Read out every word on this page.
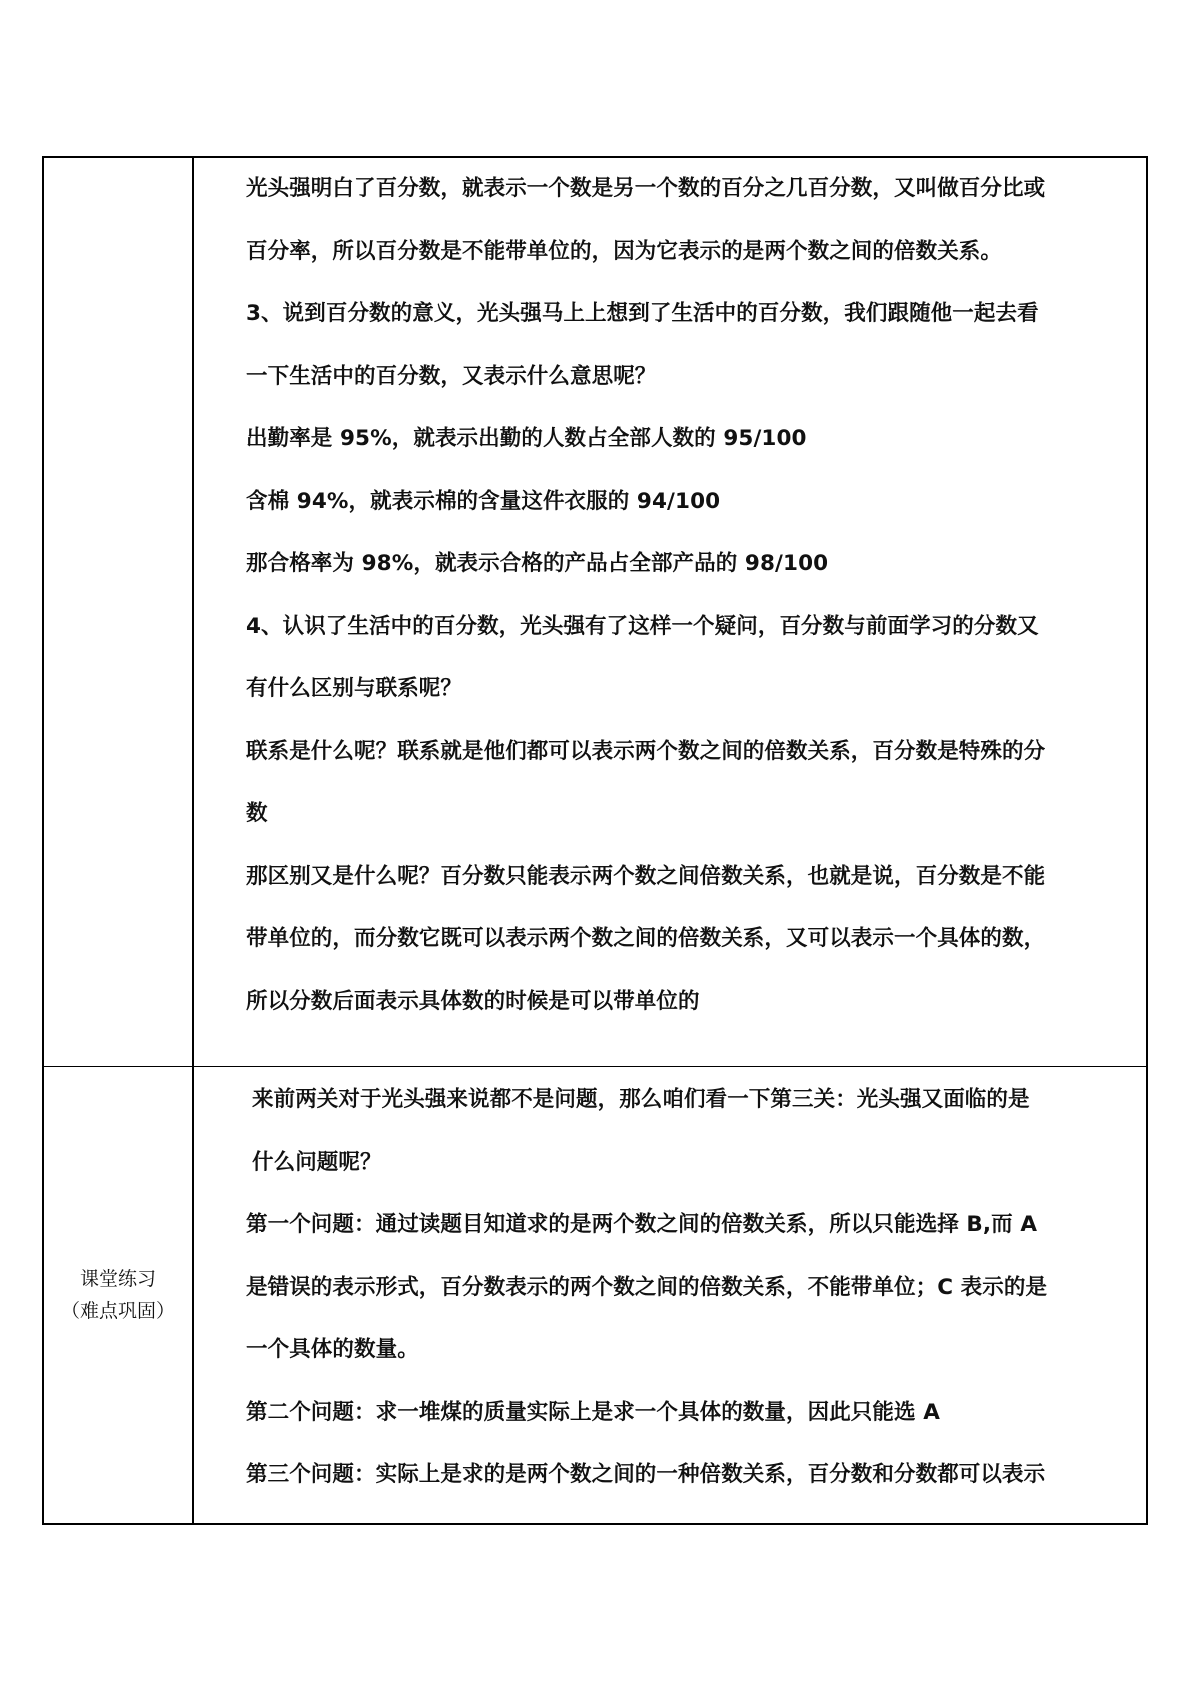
光头强明白了百分数，就表示一个数是另一个数的百分之几百分数，又叫做百分比或
百分率，所以百分数是不能带单位的，因为它表示的是两个数之间的倍数关系。
3、说到百分数的意义，光头强马上上想到了生活中的百分数，我们跟随他一起去看
一下生活中的百分数，又表示什么意思呢？
出勤率是 95%，就表示出勤的人数占全部人数的 95/100
含棉 94%，就表示棉的含量这件衣服的 94/100
那合格率为 98%，就表示合格的产品占全部产品的 98/100
4、认识了生活中的百分数，光头强有了这样一个疑问，百分数与前面学习的分数又
有什么区别与联系呢？
联系是什么呢？联系就是他们都可以表示两个数之间的倍数关系，百分数是特殊的分
数
那区别又是什么呢？百分数只能表示两个数之间倍数关系，也就是说，百分数是不能
带单位的，而分数它既可以表示两个数之间的倍数关系，又可以表示一个具体的数，
所以分数后面表示具体数的时候是可以带单位的
课堂练习
（难点巩固）
来前两关对于光头强来说都不是问题，那么咱们看一下第三关：光头强又面临的是
什么问题呢？
第一个问题：通过读题目知道求的是两个数之间的倍数关系，所以只能选择 B,而 A
是错误的表示形式，百分数表示的两个数之间的倍数关系，不能带单位；C 表示的是
一个具体的数量。
第二个问题：求一堆煤的质量实际上是求一个具体的数量，因此只能选 A
第三个问题：实际上是求的是两个数之间的一种倍数关系，百分数和分数都可以表示
